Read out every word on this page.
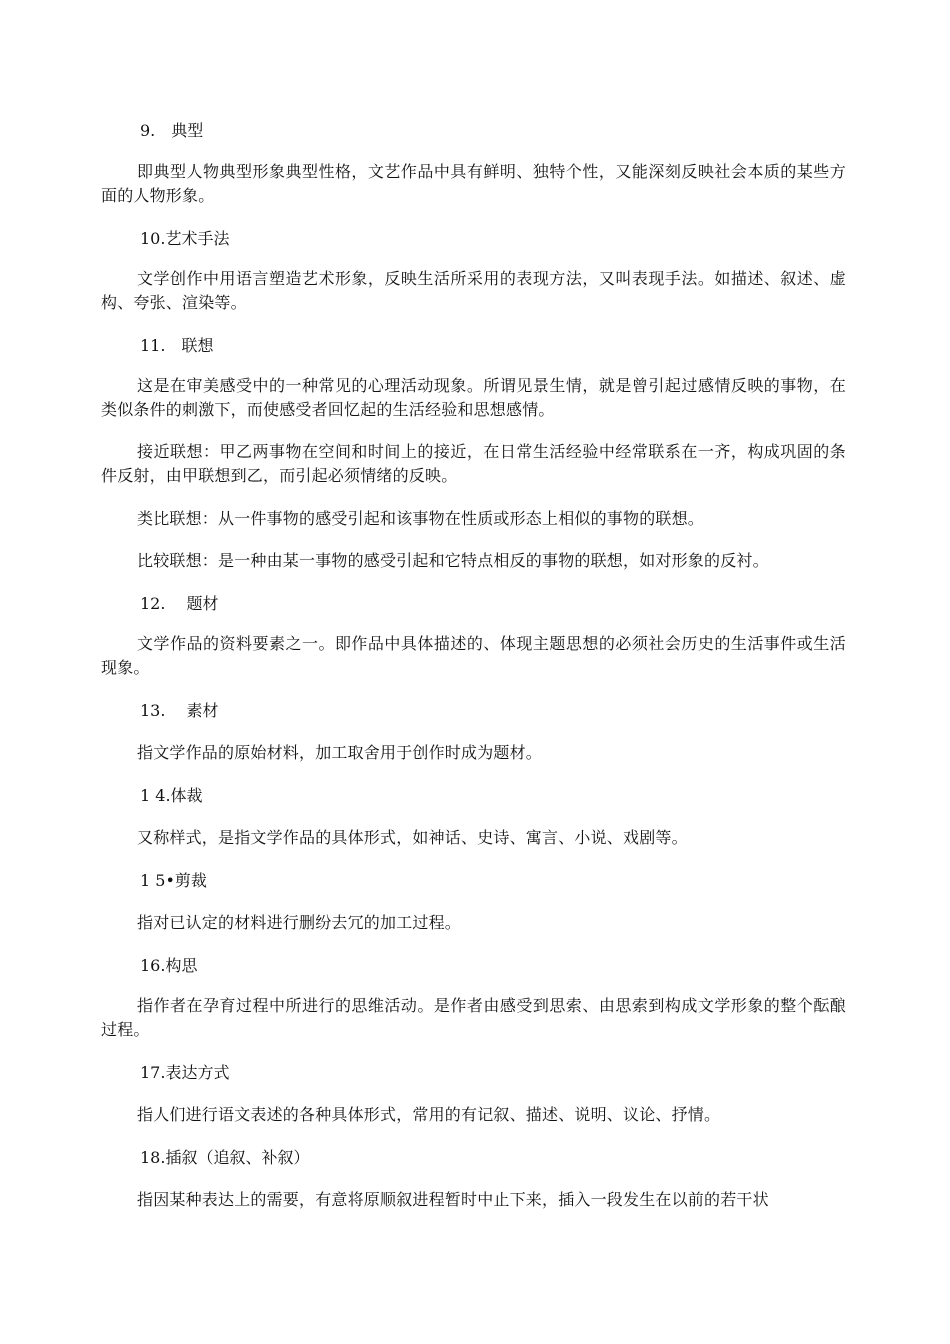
9.　典型
即典型人物典型形象典型性格，文艺作品中具有鲜明、独特个性，又能深刻反映社会本质的某些方面的人物形象。
10.艺术手法
文学创作中用语言塑造艺术形象，反映生活所采用的表现方法，又叫表现手法。如描述、叙述、虚构、夸张、渲染等。
11.　联想
这是在审美感受中的一种常见的心理活动现象。所谓见景生情，就是曾引起过感情反映的事物，在类似条件的刺激下，而使感受者回忆起的生活经验和思想感情。
接近联想：甲乙两事物在空间和时间上的接近，在日常生活经验中经常联系在一齐，构成巩固的条件反射，由甲联想到乙，而引起必须情绪的反映。
类比联想：从一件事物的感受引起和该事物在性质或形态上相似的事物的联想。
比较联想：是一种由某一事物的感受引起和它特点相反的事物的联想，如对形象的反衬。
12.　 题材
文学作品的资料要素之一。即作品中具体描述的、体现主题思想的必须社会历史的生活事件或生活现象。
13.　 素材
指文学作品的原始材料，加工取舍用于创作时成为题材。
1 4.体裁
又称样式，是指文学作品的具体形式，如神话、史诗、寓言、小说、戏剧等。
1 5•剪裁
指对已认定的材料进行删纷去冗的加工过程。
16.构思
指作者在孕育过程中所进行的思维活动。是作者由感受到思索、由思索到构成文学形象的整个酝酿过程。
17.表达方式
指人们进行语文表述的各种具体形式，常用的有记叙、描述、说明、议论、抒情。
18.插叙（追叙、补叙）
指因某种表达上的需要，有意将原顺叙进程暂时中止下来，插入一段发生在以前的若干状
